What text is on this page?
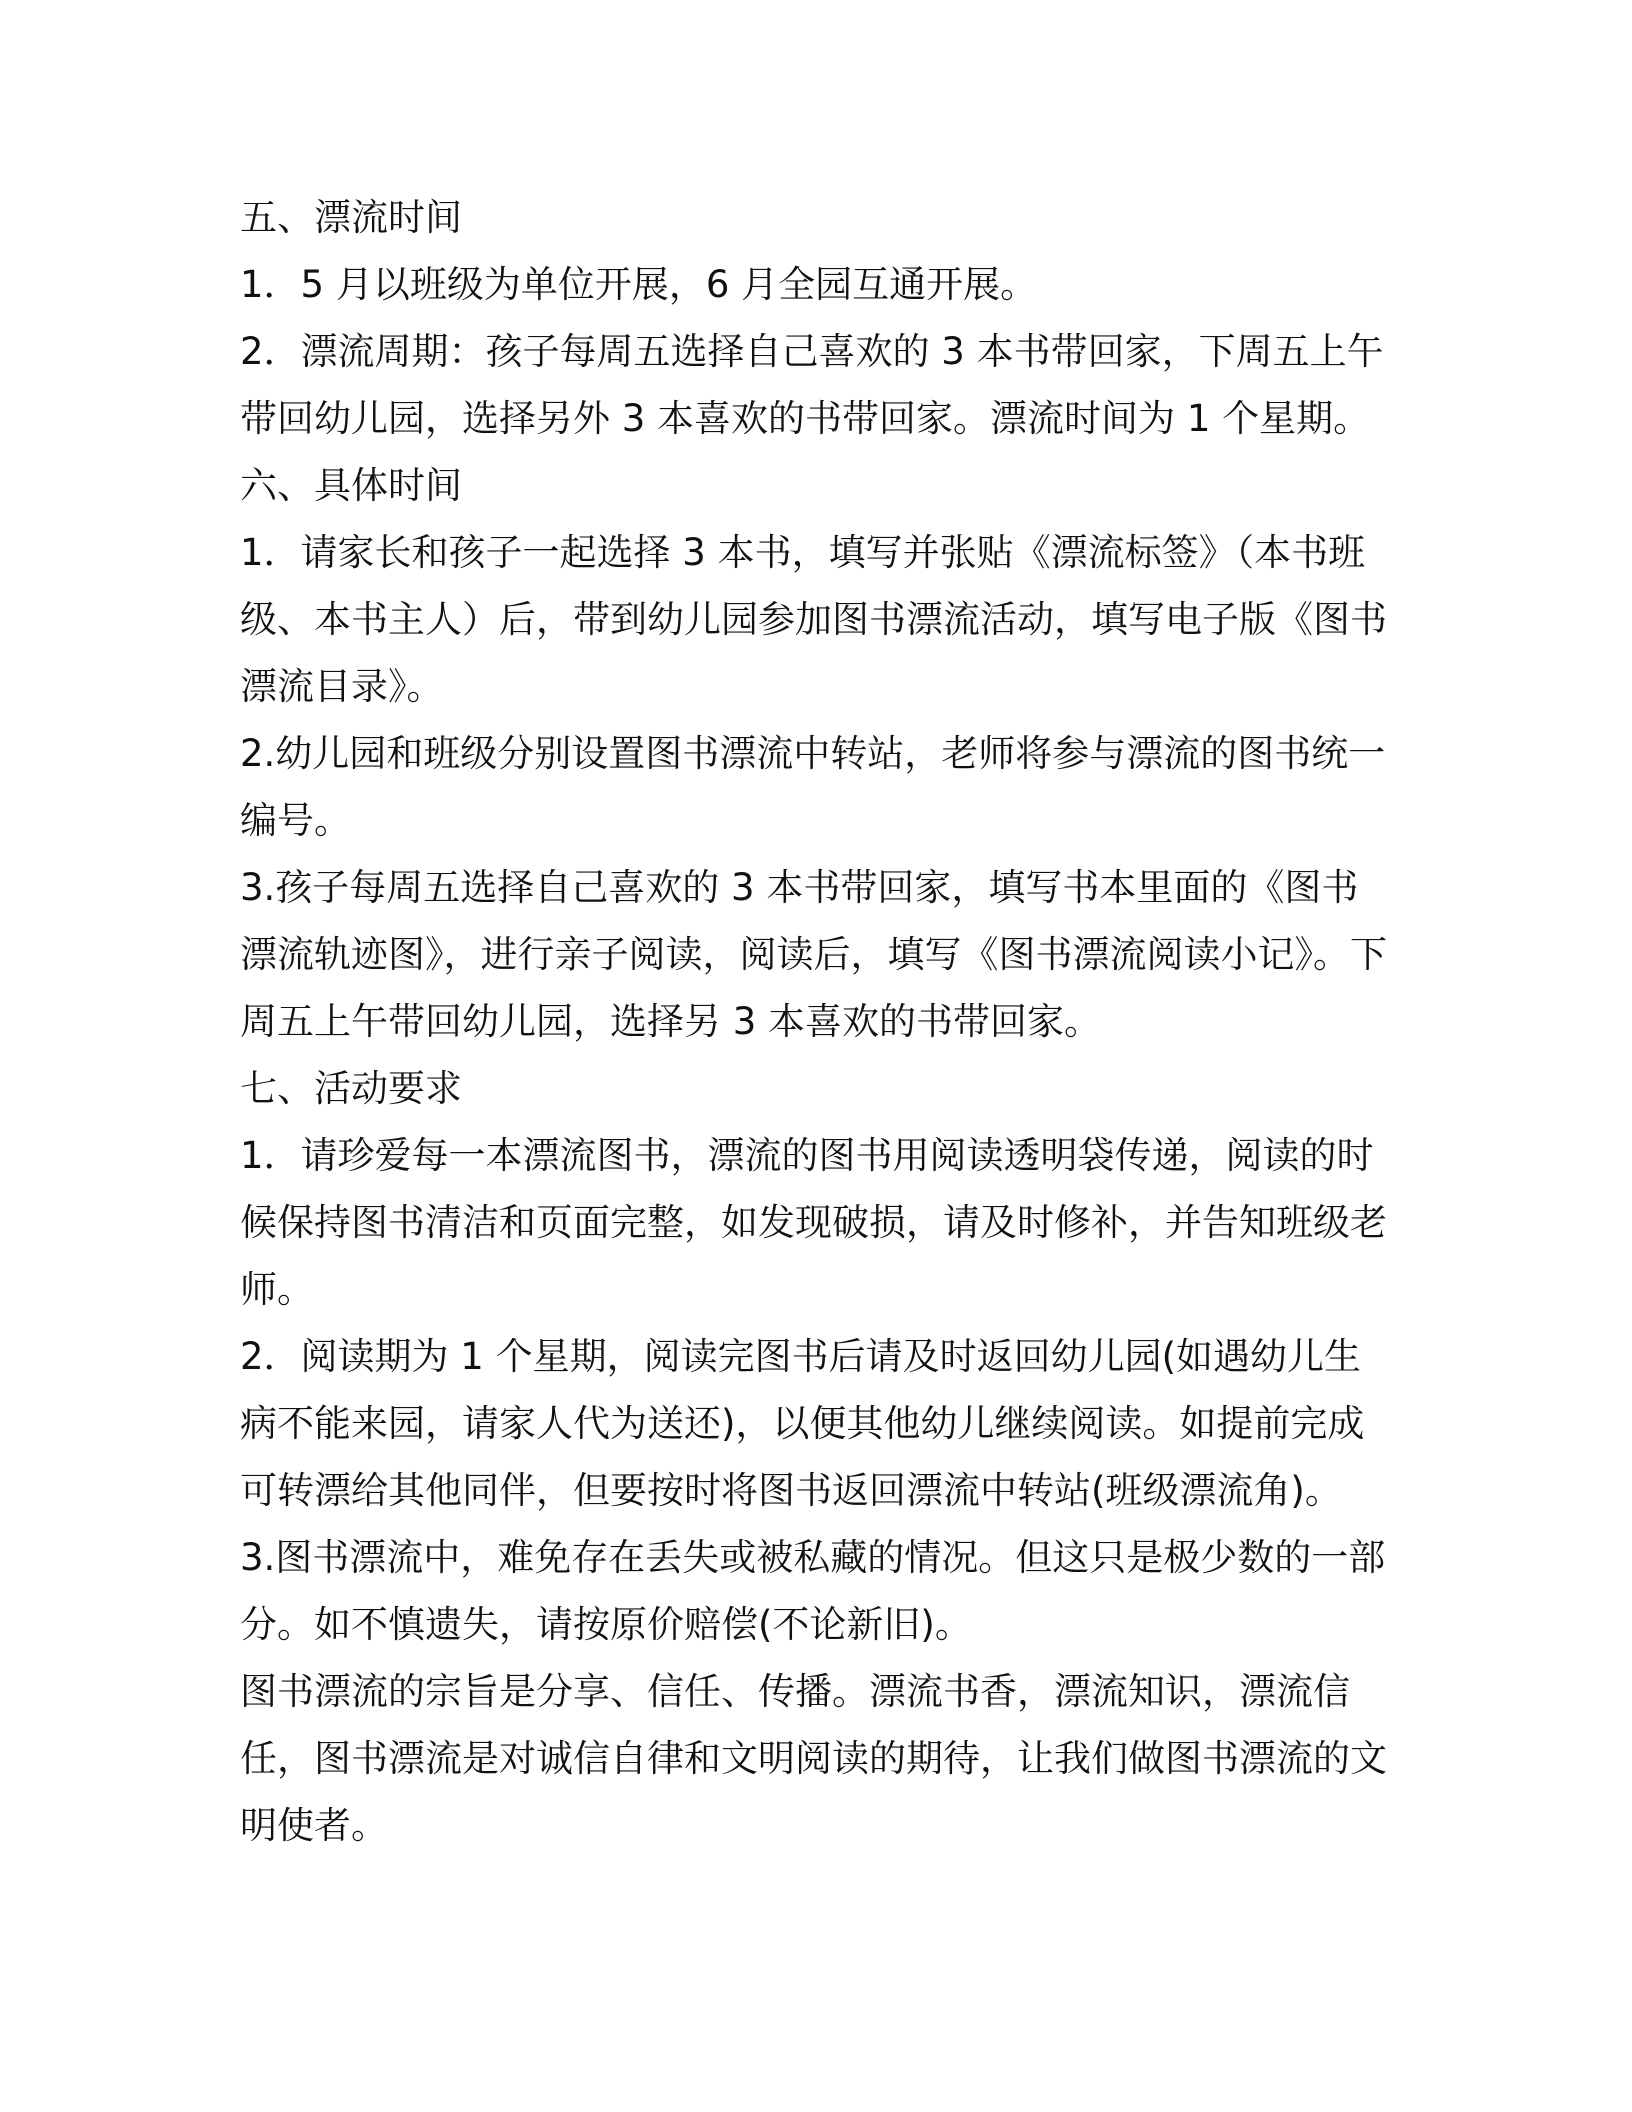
五、漂流时间

1．5 月以班级为单位开展，6 月全园互通开展。

2．漂流周期：孩子每周五选择自己喜欢的 3 本书带回家，下周五上午带回幼儿园，选择另外 3 本喜欢的书带回家。漂流时间为 1 个星期。

六、具体时间

1．请家长和孩子一起选择 3 本书，填写并张贴《漂流标签》（本书班级、本书主人）后，带到幼儿园参加图书漂流活动，填写电子版《图书漂流目录》。

2.幼儿园和班级分别设置图书漂流中转站，老师将参与漂流的图书统一编号。

3.孩子每周五选择自己喜欢的 3 本书带回家，填写书本里面的《图书漂流轨迹图》，进行亲子阅读，阅读后，填写《图书漂流阅读小记》。下周五上午带回幼儿园，选择另 3 本喜欢的书带回家。

七、活动要求

1．请珍爱每一本漂流图书，漂流的图书用阅读透明袋传递，阅读的时候保持图书清洁和页面完整，如发现破损，请及时修补，并告知班级老师。

2．阅读期为 1 个星期，阅读完图书后请及时返回幼儿园(如遇幼儿生病不能来园，请家人代为送还)，以便其他幼儿继续阅读。如提前完成可转漂给其他同伴，但要按时将图书返回漂流中转站(班级漂流角)。

3.图书漂流中，难免存在丢失或被私藏的情况。但这只是极少数的一部分。如不慎遗失，请按原价赔偿(不论新旧)。

图书漂流的宗旨是分享、信任、传播。漂流书香，漂流知识，漂流信任，图书漂流是对诚信自律和文明阅读的期待，让我们做图书漂流的文明使者。
